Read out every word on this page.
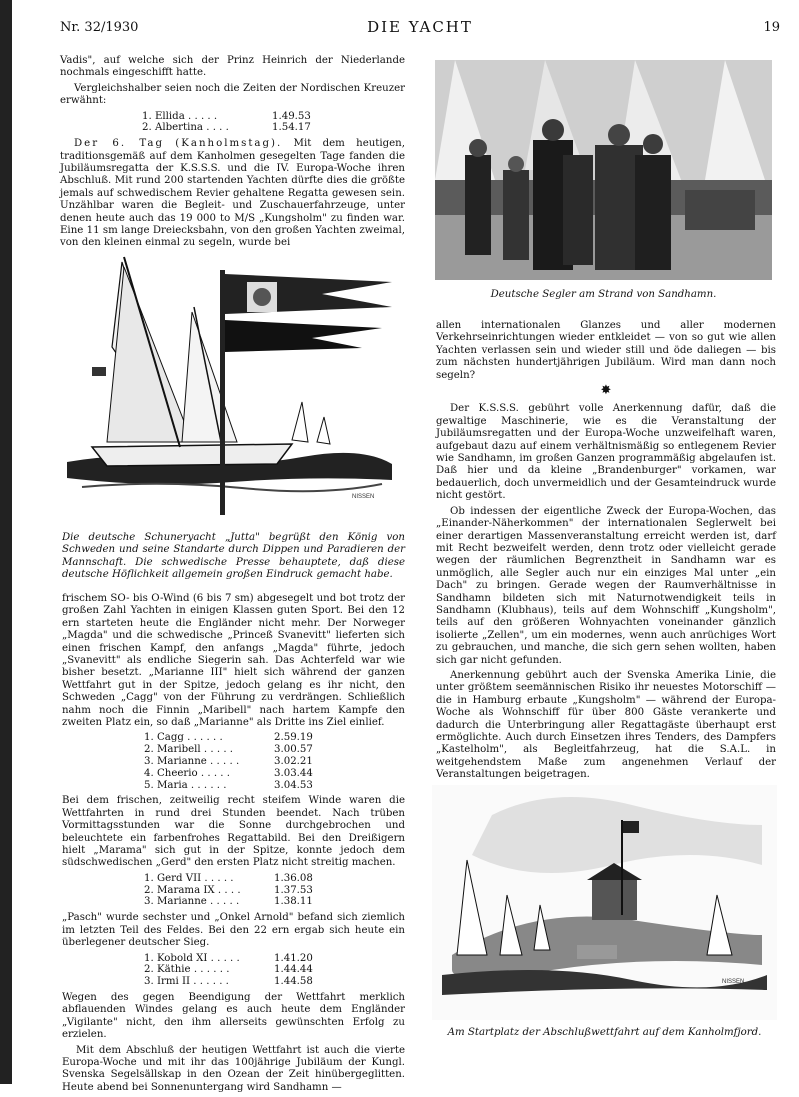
Nr. 32/1930	DIE YACHT	19

Vadis", auf welche sich der Prinz Heinrich der Niederlande nochmals eingeschifft hatte.

Vergleichshalber seien noch die Zeiten der Nordischen Kreuzer erwähnt:

1. Ellida . . . . .	1.49.53
2. Albertina . . . .	1.54.17

Der 6. Tag (Kanholmstag). Mit dem heutigen, traditionsgemäß auf dem Kanholmen gesegelten Tage fanden die Jubiläumsregatta der K.S.S.S. und die IV. Europa-Woche ihren Abschluß. Mit rund 200 startenden Yachten dürfte dies die größte jemals auf schwedischem Revier gehaltene Regatta gewesen sein. Unzählbar waren die Begleit- und Zuschauerfahrzeuge, unter denen heute auch das 19 000 to M/S „Kungsholm" zu finden war. Eine 11 sm lange Dreiecksbahn, von den großen Yachten zweimal, von den kleinen einmal zu segeln, wurde bei

NISSEN
Die deutsche Schuneryacht „Jutta" begrüßt den König von Schweden und seine Standarte durch Dippen und Paradieren der Mannschaft. Die schwedische Presse behauptete, daß diese deutsche Höflichkeit allgemein großen Eindruck gemacht habe.

frischem SO- bis O-Wind (6 bis 7 sm) abgesegelt und bot trotz der großen Zahl Yachten in einigen Klassen guten Sport. Bei den 12 ern starteten heute die Engländer nicht mehr. Der Norweger „Magda" und die schwedische „Princeß Svanevitt" lieferten sich einen frischen Kampf, den anfangs „Magda" führte, jedoch „Svanevitt" als endliche Siegerin sah. Das Achterfeld war wie bisher besetzt. „Marianne III" hielt sich während der ganzen Wettfahrt gut in der Spitze, jedoch gelang es ihr nicht, den Schweden „Cagg" von der Führung zu verdrängen. Schließlich nahm noch die Finnin „Maribell" nach hartem Kampfe den zweiten Platz ein, so daß „Marianne" als Dritte ins Ziel einlief.

1. Cagg . . . . . .	2.59.19
2. Maribell . . . . .	3.00.57
3. Marianne . . . . .	3.02.21
4. Cheerio . . . . .	3.03.44
5. Maria . . . . . .	3.04.53

Bei dem frischen, zeitweilig recht steifem Winde waren die Wettfahrten in rund drei Stunden beendet. Nach trüben Vormittagsstunden war die Sonne durchgebrochen und beleuchtete ein farbenfrohes Regattabild. Bei den Dreißigern hielt „Marama" sich gut in der Spitze, konnte jedoch dem südschwedischen „Gerd" den ersten Platz nicht streitig machen.

1. Gerd VII . . . . .	1.36.08
2. Marama IX . . . .	1.37.53
3. Marianne . . . . .	1.38.11

„Pasch" wurde sechster und „Onkel Arnold" befand sich ziemlich im letzten Teil des Feldes. Bei den 22 ern ergab sich heute ein überlegener deutscher Sieg.

1. Kobold XI . . . . .	1.41.20
2. Käthie . . . . . .	1.44.44
3. Irmi II . . . . . .	1.44.58

Wegen des gegen Beendigung der Wettfahrt merklich abflauenden Windes gelang es auch heute dem Engländer „Vigilante" nicht, den ihm allerseits gewünschten Erfolg zu erzielen.

Mit dem Abschluß der heutigen Wettfahrt ist auch die vierte Europa-Woche und mit ihr das 100jährige Jubiläum der Kungl. Svenska Segelsällskap in den Ozean der Zeit hinübergeglitten. Heute abend bei Sonnenuntergang wird Sandhamn —

Deutsche Segler am Strand von Sandhamn.

allen internationalen Glanzes und aller modernen Verkehrseinrichtungen wieder entkleidet — von so gut wie allen Yachten verlassen sein und wieder still und öde daliegen — bis zum nächsten hundertjährigen Jubiläum. Wird man dann noch segeln?

✸

Der K.S.S.S. gebührt volle Anerkennung dafür, daß die gewaltige Maschinerie, wie es die Veranstaltung der Jubiläumsregatten und der Europa-Woche unzweifelhaft waren, aufgebaut dazu auf einem verhältnismäßig so entlegenem Revier wie Sandhamn, im großen Ganzen programmäßig abgelaufen ist. Daß hier und da kleine „Brandenburger" vorkamen, war bedauerlich, doch unvermeidlich und der Gesamteindruck wurde nicht gestört.

Ob indessen der eigentliche Zweck der Europa-Wochen, das „Einander-Näherkommen" der internationalen Seglerwelt bei einer derartigen Massenveranstaltung erreicht werden ist, darf mit Recht bezweifelt werden, denn trotz oder vielleicht gerade wegen der räumlichen Begrenztheit in Sandhamn war es unmöglich, alle Segler auch nur ein einziges Mal unter „ein Dach" zu bringen. Gerade wegen der Raumverhältnisse in Sandhamn bildeten sich mit Naturnotwendigkeit teils in Sandhamn (Klubhaus), teils auf dem Wohnschiff „Kungsholm", teils auf den größeren Wohnyachten voneinander gänzlich isolierte „Zellen", um ein modernes, wenn auch anrüchiges Wort zu gebrauchen, und manche, die sich gern sehen wollten, haben sich gar nicht gefunden.

Anerkennung gebührt auch der Svenska Amerika Linie, die unter größtem seemännischen Risiko ihr neuestes Motorschiff — die in Hamburg erbaute „Kungsholm" — während der Europa-Woche als Wohnschiff für über 800 Gäste verankerte und dadurch die Unterbringung aller Regattagäste überhaupt erst ermöglichte. Auch durch Einsetzen ihres Tenders, des Dampfers „Kastelholm", als Begleitfahrzeug, hat die S.A.L. in weitgehendstem Maße zum angenehmen Verlauf der Veranstaltungen beigetragen.

NISSEN
Am Startplatz der Abschlußwettfahrt auf dem Kanholmfjord.
